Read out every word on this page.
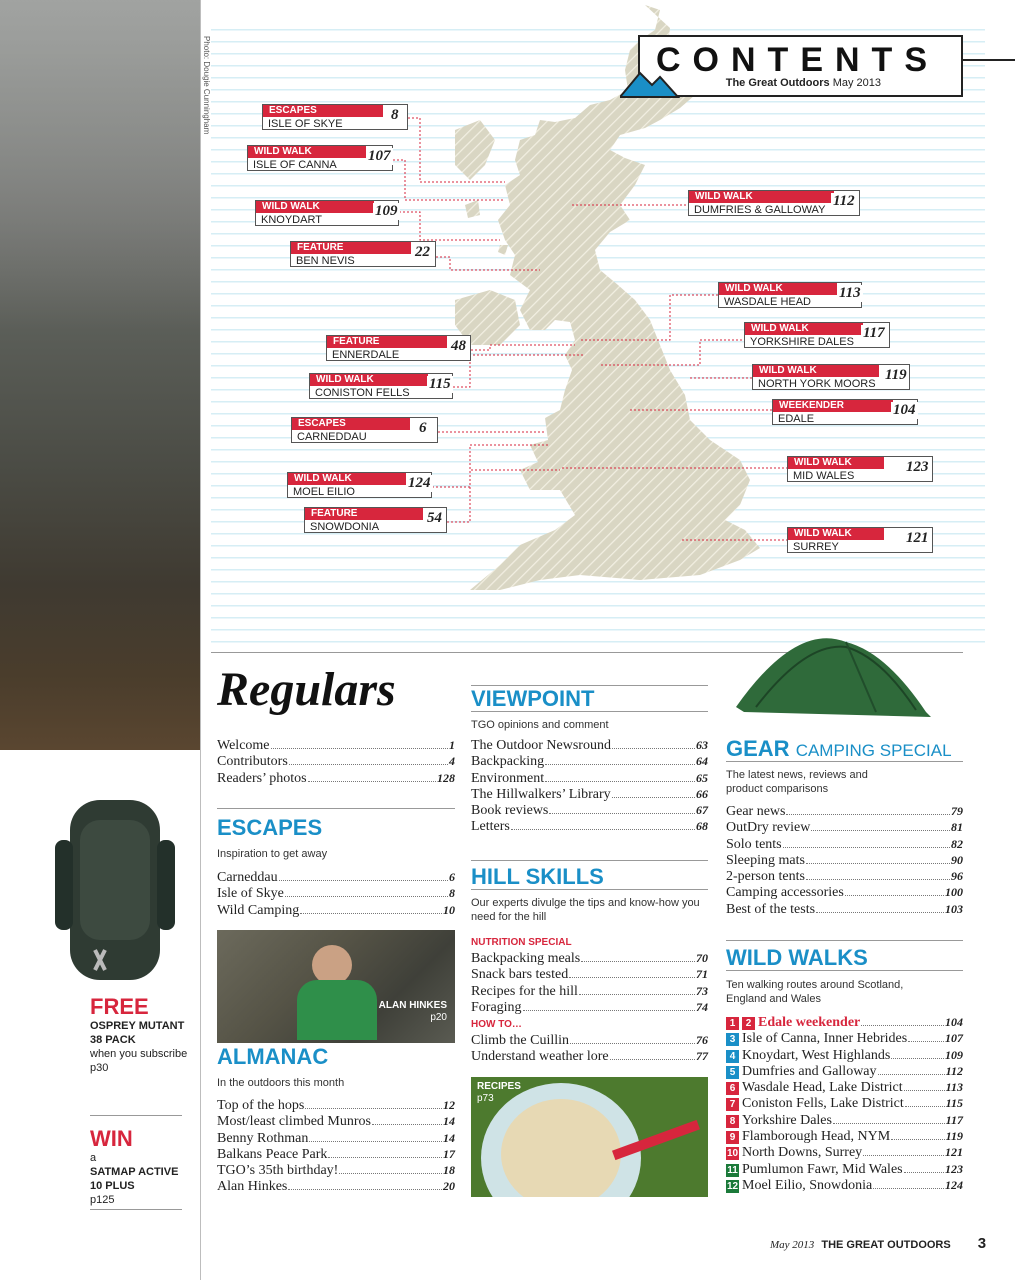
Photo: Dougie Cunningham	CONTENTS
The Great Outdoors May 2013
ESCAPES
ISLE OF SKYE
8
WILD WALK
ISLE OF CANNA
107
WILD WALK
KNOYDART
109
FEATURE
BEN NEVIS
22
FEATURE
ENNERDALE
48
WILD WALK
CONISTON FELLS
115
ESCAPES
CARNEDDAU
6
WILD WALK
MOEL EILIO
124
FEATURE
SNOWDONIA
54
WILD WALK
DUMFRIES & GALLOWAY
112
WILD WALK
WASDALE HEAD
113
WILD WALK
YORKSHIRE DALES
117
WILD WALK
NORTH YORK MOORS
119
WEEKENDER
EDALE
104
WILD WALK
MID WALES
123
WILD WALK
SURREY
121
Regulars
Welcome	1
Contributors	4
Readers’ photos	128
ESCAPES
Inspiration to get away
Carneddau	6
Isle of Skye	8
Wild Camping	10
ALAN HINKES
p20
ALMANAC
In the outdoors this month
Top of the hops	12
Most/least climbed Munros	14
Benny Rothman	14
Balkans Peace Park	17
TGO’s 35th birthday!	18
Alan Hinkes	20
VIEWPOINT
TGO opinions and comment
The Outdoor Newsround	63
Backpacking	64
Environment	65
The Hillwalkers’ Library	66
Book reviews	67
Letters	68
HILL SKILLS
Our experts divulge the tips and know-how you need for the hill
NUTRITION SPECIAL
Backpacking meals	70
Snack bars tested	71
Recipes for the hill	73
Foraging	74
HOW TO…
Climb the Cuillin	76
Understand weather lore	77
RECIPES
p73
GEAR CAMPING SPECIAL
The latest news, reviews and product comparisons
Gear news	79
OutDry review	81
Solo tents	82
Sleeping mats	90
2-person tents	96
Camping accessories	100
Best of the tests	103
WILD WALKS
Ten walking routes around Scotland, England and Wales
1	2 Edale weekender	104
3 Isle of Canna, Inner Hebrides	107
4 Knoydart, West Highlands	109
5 Dumfries and Galloway	112
6 Wasdale Head, Lake District	113
7 Coniston Fells, Lake District	115
8 Yorkshire Dales	117
9 Flamborough Head, NYM	119
10 North Downs, Surrey	121
11 Pumlumon Fawr, Mid Wales	123
12 Moel Eilio, Snowdonia	124
FREE
OSPREY MUTANT 38 PACK
when you subscribe
p30
WIN
a
SATMAP ACTIVE 10 PLUS
p125
May 2013 THE GREAT OUTDOORS 3
